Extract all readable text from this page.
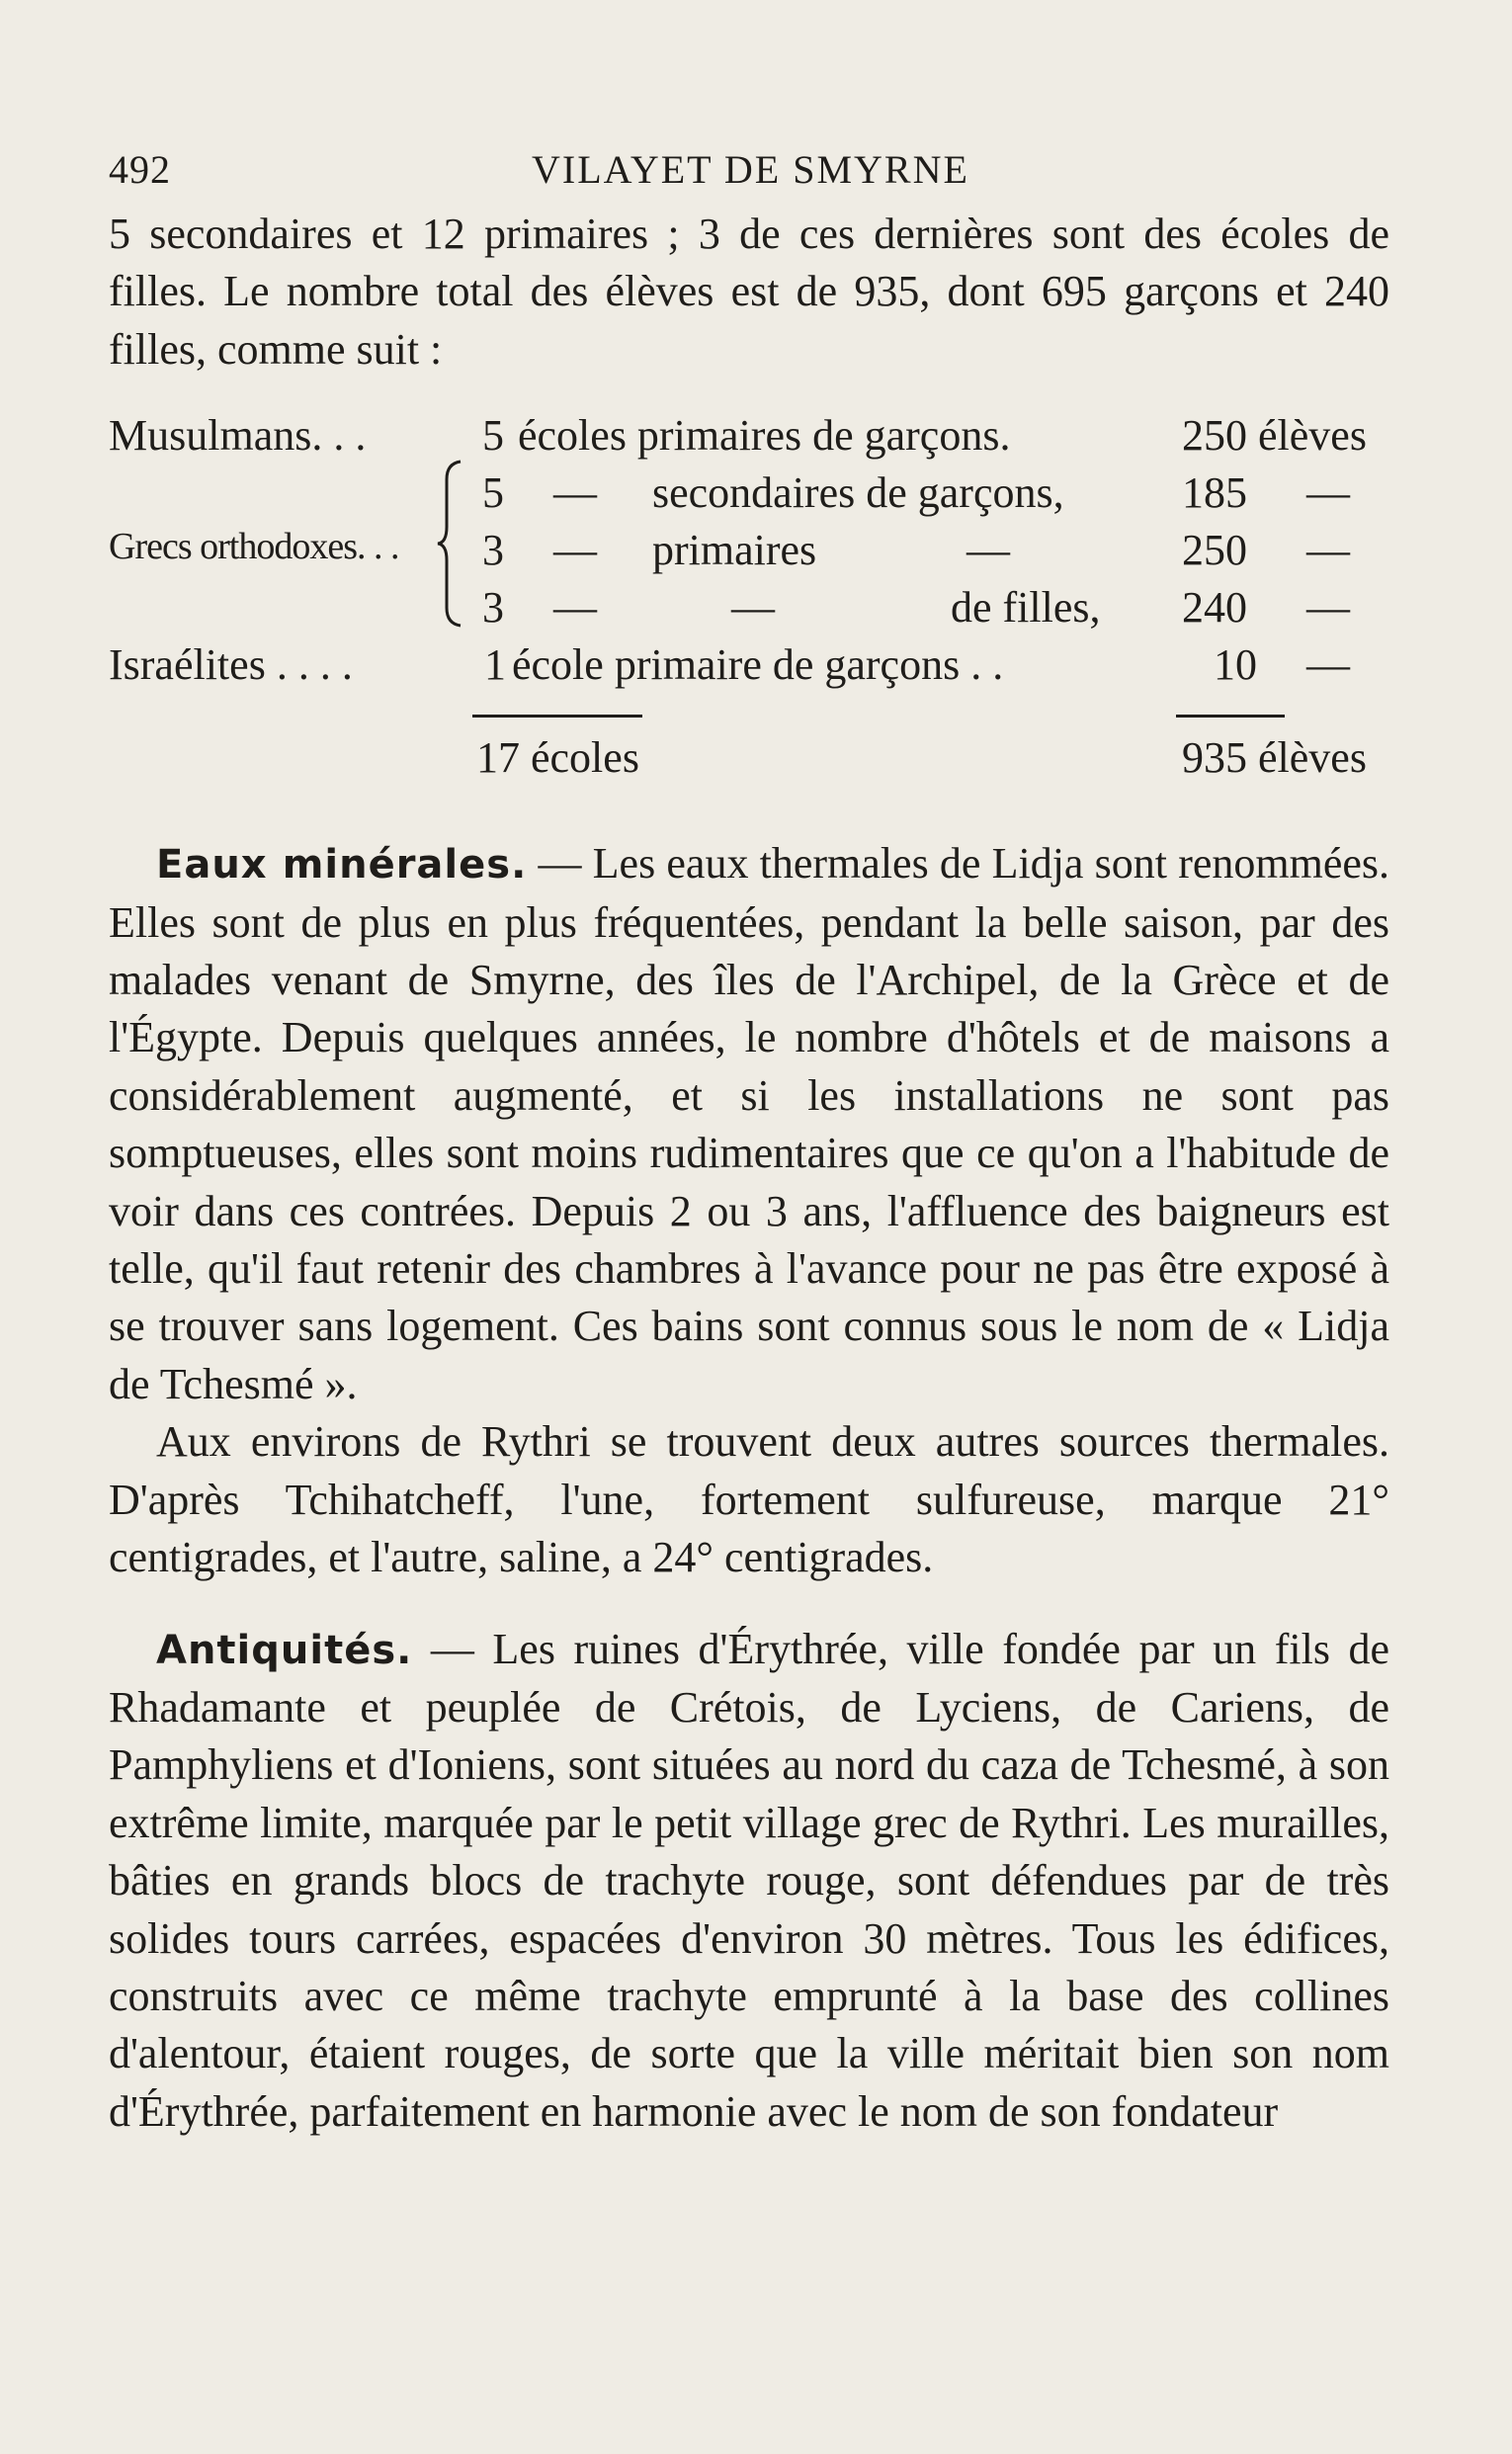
492	VILAYET DE SMYRNE

5 secondaires et 12 primaires ; 3 de ces dernières sont des écoles de filles. Le nombre total des élèves est de 935, dont 695 garçons et 240 filles, comme suit :

Musulmans. . .	5 écoles primaires de garçons.	250 élèves
5 — secondaires de garçons,	185 —
Grecs orthodoxes. . . 3 — primaires	—	250 —
3 —	—	de filles, 240 —
Israélites . . . .	1 école primaire de garçons . .	10 —
17 écoles	935 élèves

Eaux minérales. — Les eaux thermales de Lidja sont renommées. Elles sont de plus en plus fréquentées, pendant la belle saison, par des malades venant de Smyrne, des îles de l'Archipel, de la Grèce et de l'Égypte. Depuis quelques années, le nombre d'hôtels et de maisons a considérablement augmenté, et si les installations ne sont pas somptueuses, elles sont moins rudimentaires que ce qu'on a l'habitude de voir dans ces contrées. Depuis 2 ou 3 ans, l'affluence des baigneurs est telle, qu'il faut retenir des chambres à l'avance pour ne pas être exposé à se trouver sans logement. Ces bains sont connus sous le nom de « Lidja de Tchesmé ».

Aux environs de Rythri se trouvent deux autres sources thermales. D'après Tchihatcheff, l'une, fortement sulfureuse, marque 21° centigrades, et l'autre, saline, a 24° centigrades.

Antiquités. — Les ruines d'Érythrée, ville fondée par un fils de Rhadamante et peuplée de Crétois, de Lyciens, de Cariens, de Pamphyliens et d'Ioniens, sont situées au nord du caza de Tchesmé, à son extrême limite, marquée par le petit village grec de Rythri. Les murailles, bâties en grands blocs de trachyte rouge, sont défendues par de très solides tours carrées, espacées d'environ 30 mètres. Tous les édifices, construits avec ce même trachyte emprunté à la base des collines d'alentour, étaient rouges, de sorte que la ville méritait bien son nom d'Érythrée, parfaitement en harmonie avec le nom de son fondateur
